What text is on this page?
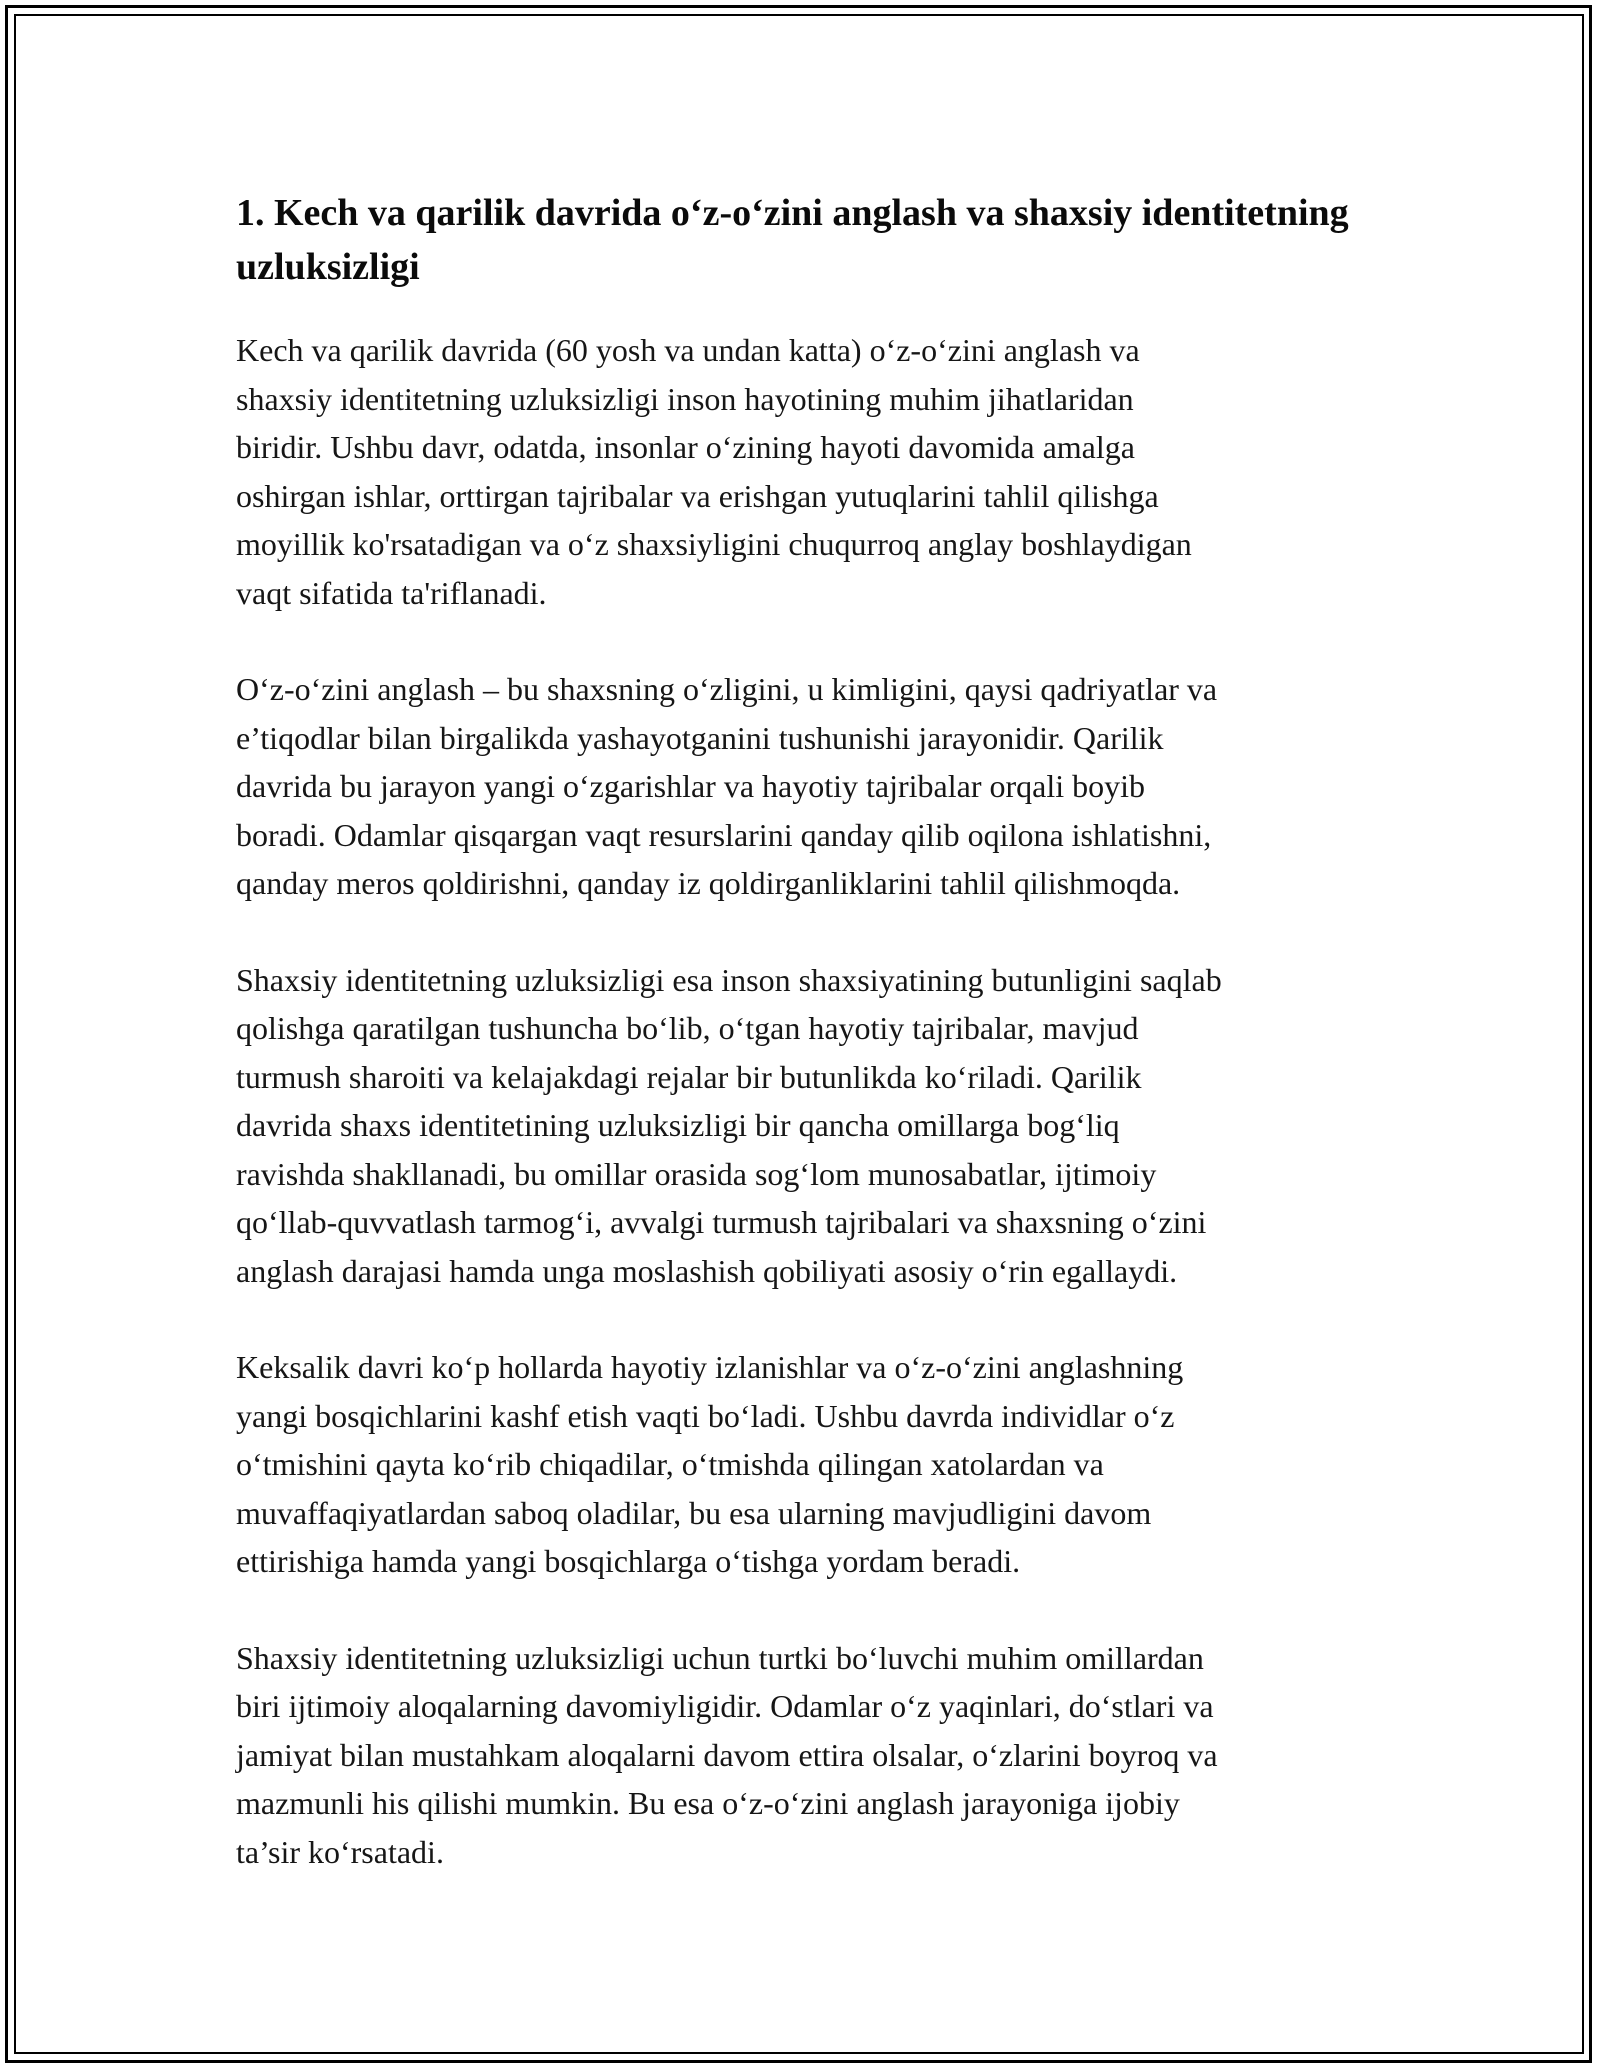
1. Kech va qarilik davrida o‘z-o‘zini anglash va shaxsiy identitetning uzluksizligi

Kech va qarilik davrida (60 yosh va undan katta) o‘z-o‘zini anglash va
shaxsiy identitetning uzluksizligi inson hayotining muhim jihatlaridan
biridir. Ushbu davr, odatda, insonlar o‘zining hayoti davomida amalga
oshirgan ishlar, orttirgan tajribalar va erishgan yutuqlarini tahlil qilishga
moyillik ko'rsatadigan va o‘z shaxsiyligini chuqurroq anglay boshlaydigan
vaqt sifatida ta'riflanadi.

O‘z-o‘zini anglash – bu shaxsning o‘zligini, u kimligini, qaysi qadriyatlar va
e’tiqodlar bilan birgalikda yashayotganini tushunishi jarayonidir. Qarilik
davrida bu jarayon yangi o‘zgarishlar va hayotiy tajribalar orqali boyib
boradi. Odamlar qisqargan vaqt resurslarini qanday qilib oqilona ishlatishni,
qanday meros qoldirishni, qanday iz qoldirganliklarini tahlil qilishmoqda.

Shaxsiy identitetning uzluksizligi esa inson shaxsiyatining butunligini saqlab
qolishga qaratilgan tushuncha bo‘lib, o‘tgan hayotiy tajribalar, mavjud
turmush sharoiti va kelajakdagi rejalar bir butunlikda ko‘riladi. Qarilik
davrida shaxs identitetining uzluksizligi bir qancha omillarga bog‘liq
ravishda shakllanadi, bu omillar orasida sog‘lom munosabatlar, ijtimoiy
qo‘llab-quvvatlash tarmog‘i, avvalgi turmush tajribalari va shaxsning o‘zini
anglash darajasi hamda unga moslashish qobiliyati asosiy o‘rin egallaydi.

Keksalik davri ko‘p hollarda hayotiy izlanishlar va o‘z-o‘zini anglashning
yangi bosqichlarini kashf etish vaqti bo‘ladi. Ushbu davrda individlar o‘z
o‘tmishini qayta ko‘rib chiqadilar, o‘tmishda qilingan xatolardan va
muvaffaqiyatlardan saboq oladilar, bu esa ularning mavjudligini davom
ettirishiga hamda yangi bosqichlarga o‘tishga yordam beradi.

Shaxsiy identitetning uzluksizligi uchun turtki bo‘luvchi muhim omillardan
biri ijtimoiy aloqalarning davomiyligidir. Odamlar o‘z yaqinlari, do‘stlari va
jamiyat bilan mustahkam aloqalarni davom ettira olsalar, o‘zlarini boyroq va
mazmunli his qilishi mumkin. Bu esa o‘z-o‘zini anglash jarayoniga ijobiy
ta’sir ko‘rsatadi.
